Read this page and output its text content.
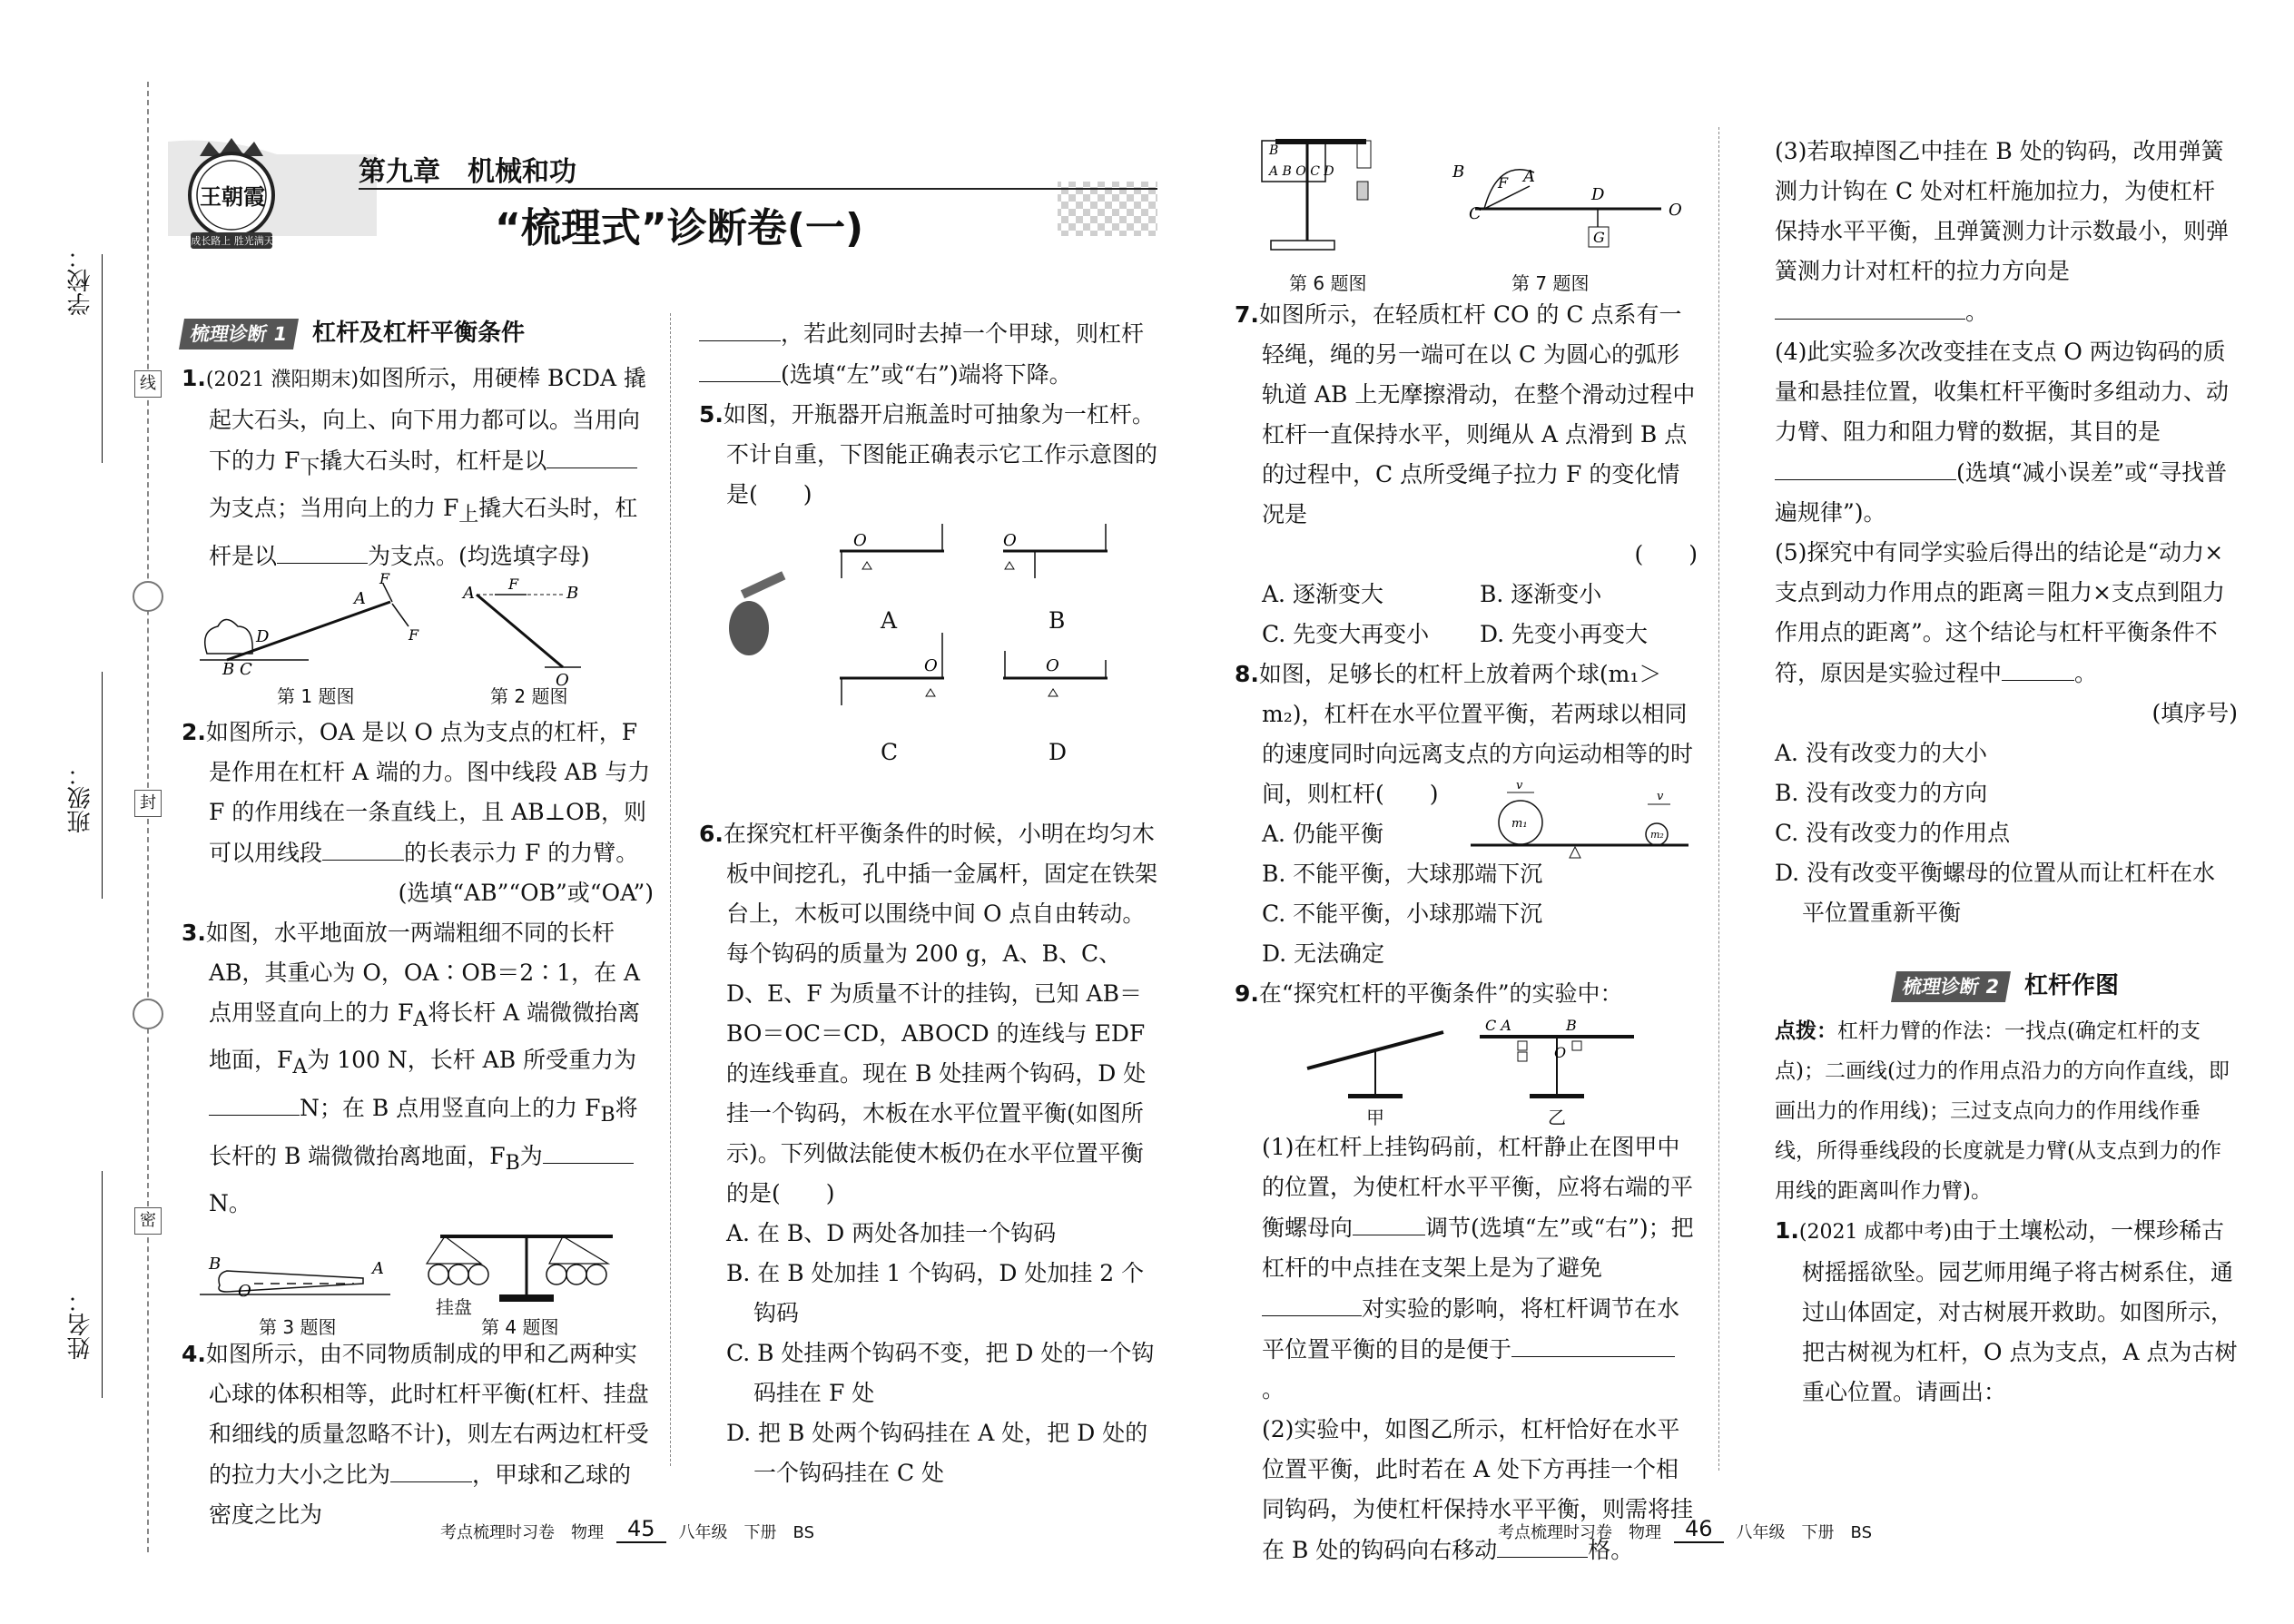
学校：
班级：
姓名：
线
封
密
王朝霞
成长路上 胜光满天
第九章　机械和功
“梳理式”诊断卷(一)

梳理诊断 1 杠杆及杠杆平衡条件

1.(2021 濮阳期末)如图所示，用硬棒 BCDA 撬起大石头，向上、向下用力都可以。当用向下的力 $F_下$撬大石头时，杠杆是以为支点；当用向上的力 $F_上$撬大石头时，杠杆是以	为支点。(均选填字母)

B C
D
A
F
F
A F	B
O
第 1 题图	第 2 题图

2.如图所示，OA 是以 O 点为支点的杠杆，F 是作用在杠杆 A 端的力。图中线段 AB 与力 F 的作用线在一条直线上，且 AB⊥OB，则可以用线段	的长表示力 F 的力臂。

(选填“AB”“OB”或“OA”)

3.如图，水平地面放一两端粗细不同的长杆 AB，其重心为 O，OA∶OB＝2∶1，在 A 点用竖直向上的力 $F_A$将长杆 A 端微微抬离地面，$F_A$为 100 N，长杆 AB 所受重力为N；在 B 点用竖直向上的力 $F_B$将长杆的 B 端微微抬离地面，$F_B$为N。

B	A
O
挂盘
第 3 题图	第 4 题图

4.如图所示，由不同物质制成的甲和乙两种实心球的体积相等，此时杠杆平衡(杠杆、挂盘和细线的质量忽略不计)，则左右两边杠杆受的拉力大小之比为	，甲球和乙球的密度之比为

，若此刻同时去掉一个甲球，则杠杆(选填“左”或“右”)端将下降。

5.如图，开瓶器开启瓶盖时可抽象为一杠杆。不计自重，下图能正确表示它工作示意图的是(　　)

O	O
O	O
A	B
C	D

6.在探究杠杆平衡条件的时候，小明在均匀木板中间挖孔，孔中插一金属杆，固定在铁架台上，木板可以围绕中间 O 点自由转动。每个钩码的质量为 200 g，A、B、C、D、E、F 为质量不计的挂钩，已知 AB＝BO＝OC＝CD，ABOCD 的连线与 EDF 的连线垂直。现在 B 处挂两个钩码，D 处挂一个钩码，木板在水平位置平衡(如图所示)。下列做法能使木板仍在水平位置平衡的是(　　)

A. 在 B、D 两处各加挂一个钩码

B. 在 B 处加挂 1 个钩码，D 处加挂 2 个钩码

C. B 处挂两个钩码不变，把 D 处的一个钩码挂在 F 处

D. 把 B 处两个钩码挂在 A 处，把 D 处的一个钩码挂在 C 处

B
A B O C D	B
F A
C
D
O
G
第 6 题图	第 7 题图

7.如图所示，在轻质杠杆 CO 的 C 点系有一轻绳，绳的另一端可在以 C 为圆心的弧形轨道 AB 上无摩擦滑动，在整个滑动过程中杠杆一直保持水平，则绳从 A 点滑到 B 点的过程中，C 点所受绳子拉力 F 的变化情况是

(　　)

A. 逐渐变大	B. 逐渐变小
C. 先变大再变小	D. 先变小再变大

8.如图，足够长的杠杆上放着两个球(m₁＞m₂)，杠杆在水平位置平衡，若两球以相同的速度同时向远离支点的方向运动相等的时间，则杠杆(　　)

A. 仍能平衡

B. 不能平衡，大球那端下沉

C. 不能平衡，小球那端下沉

D. 无法确定

m₁
m₂
v
v

9.在“探究杠杆的平衡条件”的实验中：

C A	B
O
甲	乙

(1)在杠杆上挂钩码前，杠杆静止在图甲中的位置，为使杠杆水平平衡，应将右端的平衡螺母向	调节(选填“左”或“右”)；把杠杆的中点挂在支架上是为了避免对实验的影响，将杠杆调节在水平位置平衡的目的是便于。

(2)实验中，如图乙所示，杠杆恰好在水平位置平衡，此时若在 A 处下方再挂一个相同钩码，为使杠杆保持水平平衡，则需将挂在 B 处的钩码向右移动	格。

(3)若取掉图乙中挂在 B 处的钩码，改用弹簧测力计钩在 C 处对杠杆施加拉力，为使杠杆保持水平平衡，且弹簧测力计示数最小，则弹簧测力计对杠杆的拉力方向是。

(4)此实验多次改变挂在支点 O 两边钩码的质量和悬挂位置，收集杠杆平衡时多组动力、动力臂、阻力和阻力臂的数据，其目的是(选填“减小误差”或“寻找普遍规律”)。

(5)探究中有同学实验后得出的结论是“动力×支点到动力作用点的距离＝阻力×支点到阻力作用点的距离”。这个结论与杠杆平衡条件不符，原因是实验过程中	。

(填序号)

A. 没有改变力的大小

B. 没有改变力的方向

C. 没有改变力的作用点

D. 没有改变平衡螺母的位置从而让杠杆在水平位置重新平衡

梳理诊断 2 杠杆作图

点拨：杠杆力臂的作法：一找点(确定杠杆的支点)；二画线(过力的作用点沿力的方向作直线，即画出力的作用线)；三过支点向力的作用线作垂线，所得垂线段的长度就是力臂(从支点到力的作用线的距离叫作力臂)。

1.(2021 成都中考)由于土壤松动，一棵珍稀古树摇摇欲坠。园艺师用绳子将古树系住，通过山体固定，对古树展开救助。如图所示，把古树视为杠杆，O 点为支点，A 点为古树重心位置。请画出：

考点梳理时习卷　物理	45	八年级　下册　BS	考点梳理时习卷　物理	46	八年级　下册　BS
